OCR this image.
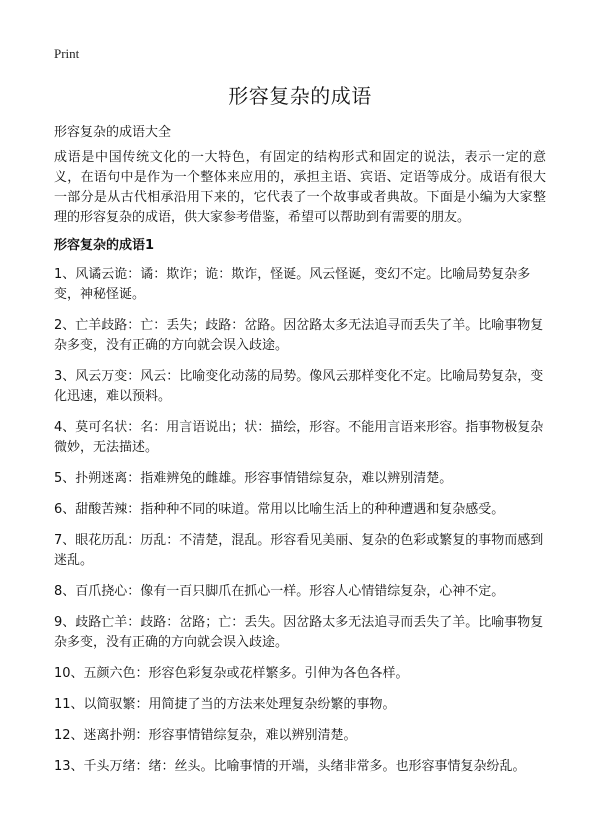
Print
形容复杂的成语

形容复杂的成语大全

成语是中国传统文化的一大特色，有固定的结构形式和固定的说法，表示一定的意义，在语句中是作为一个整体来应用的，承担主语、宾语、定语等成分。成语有很大一部分是从古代相承沿用下来的，它代表了一个故事或者典故。下面是小编为大家整理的形容复杂的成语，供大家参考借鉴，希望可以帮助到有需要的朋友。

形容复杂的成语1
1、风谲云诡：谲：欺诈；诡：欺诈，怪诞。风云怪诞，变幻不定。比喻局势复杂多变，神秘怪诞。
2、亡羊歧路：亡：丢失；歧路：岔路。因岔路太多无法追寻而丢失了羊。比喻事物复杂多变，没有正确的方向就会误入歧途。
3、风云万变：风云：比喻变化动荡的局势。像风云那样变化不定。比喻局势复杂，变化迅速，难以预料。
4、莫可名状：名：用言语说出；状：描绘，形容。不能用言语来形容。指事物极复杂微妙，无法描述。
5、扑朔迷离：指难辨兔的雌雄。形容事情错综复杂，难以辨别清楚。
6、甜酸苦辣：指种种不同的味道。常用以比喻生活上的种种遭遇和复杂感受。
7、眼花历乱：历乱：不清楚，混乱。形容看见美丽、复杂的色彩或繁复的事物而感到迷乱。
8、百爪挠心：像有一百只脚爪在抓心一样。形容人心情错综复杂，心神不定。
9、歧路亡羊：歧路：岔路；亡：丢失。因岔路太多无法追寻而丢失了羊。比喻事物复杂多变，没有正确的方向就会误入歧途。
10、五颜六色：形容色彩复杂或花样繁多。引伸为各色各样。
11、以简驭繁：用简捷了当的方法来处理复杂纷繁的事物。
12、迷离扑朔：形容事情错综复杂，难以辨别清楚。
13、千头万绪：绪：丝头。比喻事情的开端，头绪非常多。也形容事情复杂纷乱。
